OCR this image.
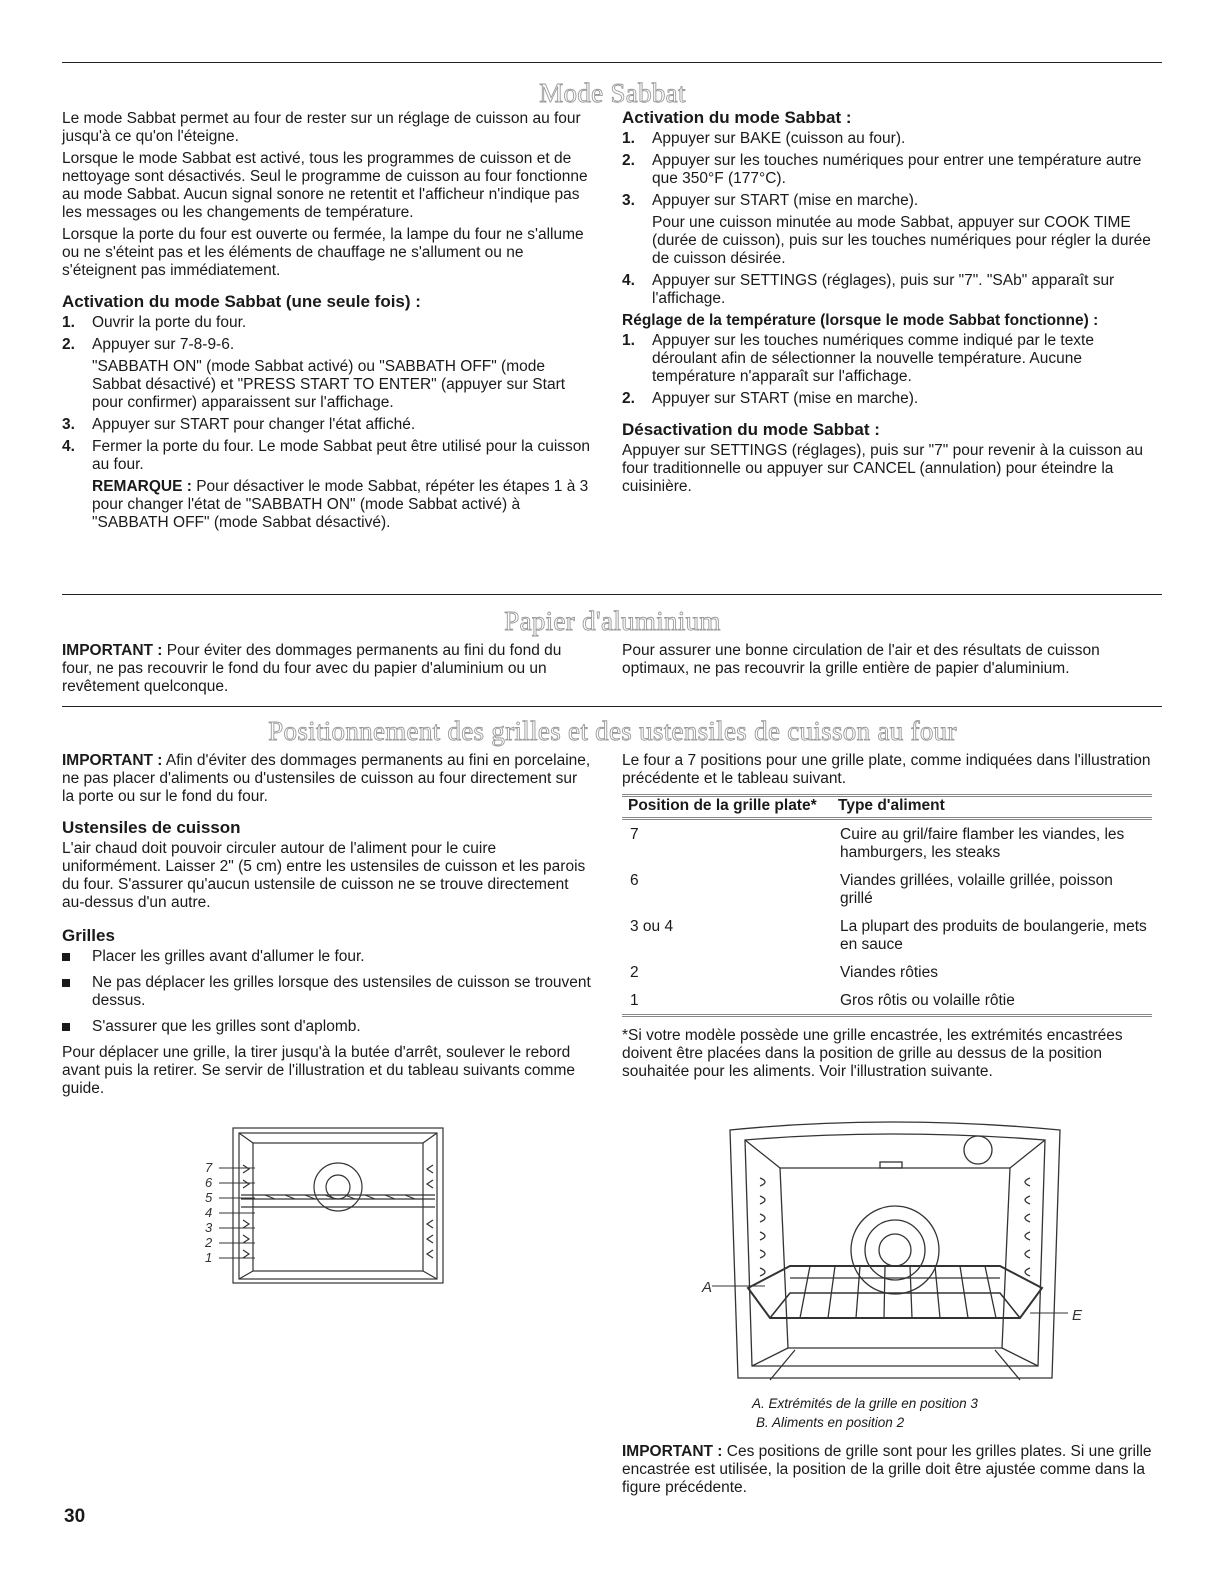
Mode Sabbat

Le mode Sabbat permet au four de rester sur un réglage de cuisson au four jusqu'à ce qu'on l'éteigne.

Lorsque le mode Sabbat est activé, tous les programmes de cuisson et de nettoyage sont désactivés. Seul le programme de cuisson au four fonctionne au mode Sabbat. Aucun signal sonore ne retentit et l'afficheur n'indique pas les messages ou les changements de température.

Lorsque la porte du four est ouverte ou fermée, la lampe du four ne s'allume ou ne s'éteint pas et les éléments de chauffage ne s'allument ou ne s'éteignent pas immédiatement.

Activation du mode Sabbat (une seule fois) :
1. Ouvrir la porte du four.
2. Appuyer sur 7-8-9-6.
"SABBATH ON" (mode Sabbat activé) ou "SABBATH OFF" (mode Sabbat désactivé) et "PRESS START TO ENTER" (appuyer sur Start pour confirmer) apparaissent sur l'affichage.
3. Appuyer sur START pour changer l'état affiché.
4. Fermer la porte du four. Le mode Sabbat peut être utilisé pour la cuisson au four.
REMARQUE : Pour désactiver le mode Sabbat, répéter les étapes 1 à 3 pour changer l'état de "SABBATH ON" (mode Sabbat activé) à "SABBATH OFF" (mode Sabbat désactivé).
Activation du mode Sabbat :
1. Appuyer sur BAKE (cuisson au four).
2. Appuyer sur les touches numériques pour entrer une température autre que 350°F (177°C).
3. Appuyer sur START (mise en marche).
Pour une cuisson minutée au mode Sabbat, appuyer sur COOK TIME (durée de cuisson), puis sur les touches numériques pour régler la durée de cuisson désirée.
4. Appuyer sur SETTINGS (réglages), puis sur "7". "SAb" apparaît sur l'affichage.
Réglage de la température (lorsque le mode Sabbat fonctionne) :
1. Appuyer sur les touches numériques comme indiqué par le texte déroulant afin de sélectionner la nouvelle température. Aucune température n'apparaît sur l'affichage.
2. Appuyer sur START (mise en marche).
Désactivation du mode Sabbat :

Appuyer sur SETTINGS (réglages), puis sur "7" pour revenir à la cuisson au four traditionnelle ou appuyer sur CANCEL (annulation) pour éteindre la cuisinière.

Papier d'aluminium

IMPORTANT : Pour éviter des dommages permanents au fini du fond du four, ne pas recouvrir le fond du four avec du papier d'aluminium ou un revêtement quelconque.

Pour assurer une bonne circulation de l'air et des résultats de cuisson optimaux, ne pas recouvrir la grille entière de papier d'aluminium.

Positionnement des grilles et des ustensiles de cuisson au four

IMPORTANT : Afin d'éviter des dommages permanents au fini en porcelaine, ne pas placer d'aliments ou d'ustensiles de cuisson au four directement sur la porte ou sur le fond du four.

Ustensiles de cuisson

L'air chaud doit pouvoir circuler autour de l'aliment pour le cuire uniformément. Laisser 2" (5 cm) entre les ustensiles de cuisson et les parois du four. S'assurer qu'aucun ustensile de cuisson ne se trouve directement au-dessus d'un autre.

Grilles
Placer les grilles avant d'allumer le four.
Ne pas déplacer les grilles lorsque des ustensiles de cuisson se trouvent dessus.
S'assurer que les grilles sont d'aplomb.

Pour déplacer une grille, la tirer jusqu'à la butée d'arrêt, soulever le rebord avant puis la retirer. Se servir de l'illustration et du tableau suivants comme guide.

7
6
5
4
3
2
1

Le four a 7 positions pour une grille plate, comme indiquées dans l'illustration précédente et le tableau suivant.

Position de la grille plate*	Type d'aliment
7	Cuire au gril/faire flamber les viandes, les hamburgers, les steaks
6	Viandes grillées, volaille grillée, poisson grillé
3 ou 4	La plupart des produits de boulangerie, mets en sauce
2	Viandes rôties
1	Gros rôtis ou volaille rôtie

*Si votre modèle possède une grille encastrée, les extrémités encastrées doivent être placées dans la position de grille au dessus de la position souhaitée pour les aliments. Voir l'illustration suivante.

A
E
A. Extrémités de la grille en position 3
B. Aliments en position 2

IMPORTANT : Ces positions de grille sont pour les grilles plates. Si une grille encastrée est utilisée, la position de la grille doit être ajustée comme dans la figure précédente.

30
